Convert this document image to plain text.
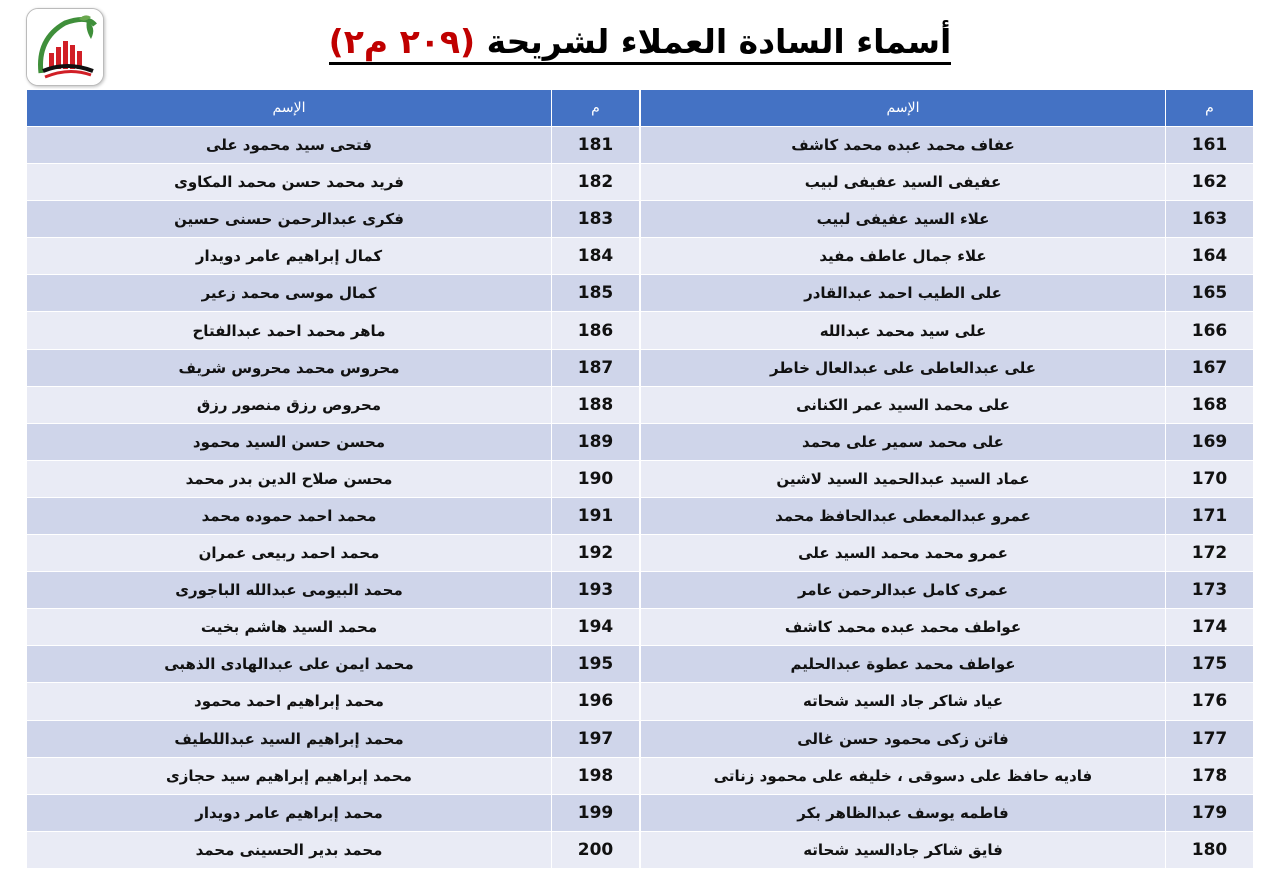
أسماء السادة العملاء لشريحة (٢٠٩ م٢)
م	الإسم
161	عفاف محمد عبده محمد كاشف
162	عفيفى السيد عفيفى لبيب
163	علاء السيد عفيفى لبيب
164	علاء جمال عاطف مفيد
165	على الطيب احمد عبدالقادر
166	على سيد محمد عبدالله
167	على عبدالعاطى على عبدالعال خاطر
168	على محمد السيد عمر الكنانى
169	على محمد سمير على محمد
170	عماد السيد عبدالحميد السيد لاشين
171	عمرو عبدالمعطى عبدالحافظ محمد
172	عمرو محمد محمد السيد على
173	عمرى كامل عبدالرحمن عامر
174	عواطف محمد عبده محمد كاشف
175	عواطف محمد عطوة عبدالحليم
176	عياد شاكر جاد السيد شحاته
177	فاتن زكى محمود حسن غالى
178	فاديه حافظ على دسوقى ، خليفه على محمود زناتى
179	فاطمه يوسف عبدالظاهر بكر
180	فايق شاكر جادالسيد شحاته
م	الإسم
181	فتحى سيد محمود على
182	فريد محمد حسن محمد المكاوى
183	فكرى عبدالرحمن حسنى حسين
184	كمال إبراهيم عامر دويدار
185	كمال موسى محمد زعير
186	ماهر محمد احمد عبدالفتاح
187	محروس محمد محروس شريف
188	محروص رزق منصور رزق
189	محسن حسن السيد محمود
190	محسن صلاح الدين بدر محمد
191	محمد احمد حموده محمد
192	محمد احمد ربيعى عمران
193	محمد البيومى عبدالله الباجورى
194	محمد السيد هاشم بخيت
195	محمد ايمن على عبدالهادى الذهبى
196	محمد إبراهيم احمد محمود
197	محمد إبراهيم السيد عبداللطيف
198	محمد إبراهيم إبراهيم سيد حجازى
199	محمد إبراهيم عامر دويدار
200	محمد بدير الحسينى محمد
